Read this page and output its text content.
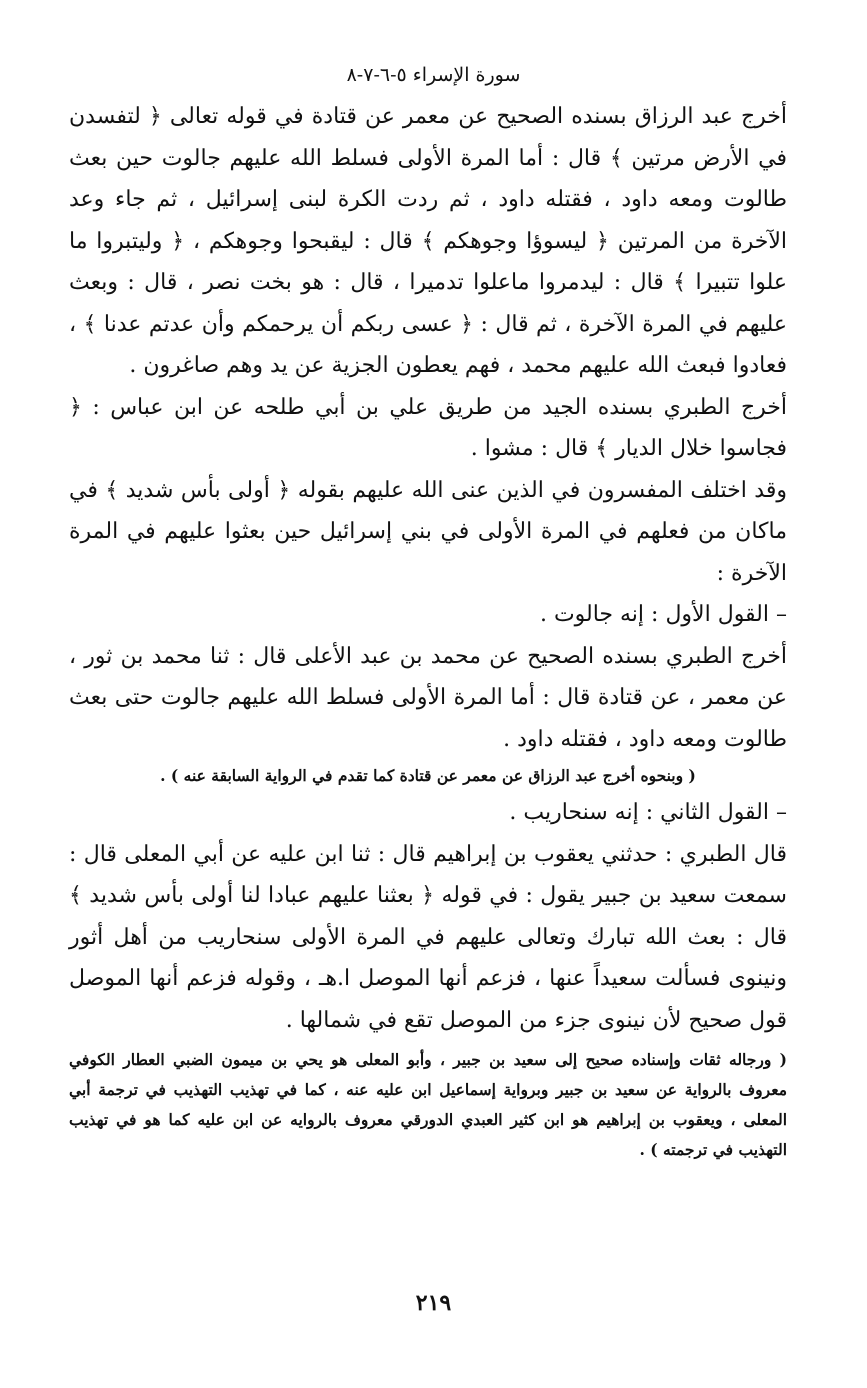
سورة الإسراء ٥-٦-٧-٨

أخرج عبد الرزاق بسنده الصحيح عن معمر عن قتادة في قوله تعالى ﴿ لتفسدن في الأرض مرتين ﴾ قال : أما المرة الأولى فسلط الله عليهم جالوت حين بعث طالوت ومعه داود ، فقتله داود ، ثم ردت الكرة لبنى إسرائيل ، ثم جاء وعد الآخرة من المرتين ﴿ ليسوؤا وجوهكم ﴾ قال : ليقبحوا وجوهكم ، ﴿ وليتبروا ما علوا تتبيرا ﴾ قال : ليدمروا ماعلوا تدميرا ، قال : هو بخت نصر ، قال : وبعث عليهم في المرة الآخرة ، ثم قال : ﴿ عسى ربكم أن يرحمكم وأن عدتم عدنا ﴾ ، فعادوا فبعث الله عليهم محمد ، فهم يعطون الجزية عن يد وهم صاغرون .

أخرج الطبري بسنده الجيد من طريق علي بن أبي طلحه عن ابن عباس : ﴿ فجاسوا خلال الديار ﴾ قال : مشوا .

وقد اختلف المفسرون في الذين عنى الله عليهم بقوله ﴿ أولى بأس شديد ﴾ في ماكان من فعلهم في المرة الأولى في بني إسرائيل حين بعثوا عليهم في المرة الآخرة :

– القول الأول : إنه جالوت .

أخرج الطبري بسنده الصحيح عن محمد بن عبد الأعلى قال : ثنا محمد بن ثور ، عن معمر ، عن قتادة قال : أما المرة الأولى فسلط الله عليهم جالوت حتى بعث طالوت ومعه داود ، فقتله داود .

( وبنحوه أخرج عبد الرزاق عن معمر عن قتادة كما تقدم في الرواية السابقة عنه ) .

– القول الثاني : إنه سنحاريب .

قال الطبري : حدثني يعقوب بن إبراهيم قال : ثنا ابن عليه عن أبي المعلى قال : سمعت سعيد بن جبير يقول : في قوله ﴿ بعثنا عليهم عبادا لنا أولى بأس شديد ﴾ قال : بعث الله تبارك وتعالى عليهم في المرة الأولى سنحاريب من أهل أثور ونينوى فسألت سعيداً عنها ، فزعم أنها الموصل ا.هـ ، وقوله فزعم أنها الموصل قول صحيح لأن نينوى جزء من الموصل تقع في شمالها .

( ورجاله ثقات وإسناده صحيح إلى سعيد بن جبير ، وأبو المعلى هو يحي بن ميمون الضبي العطار الكوفي معروف بالرواية عن سعيد بن جبير وبرواية إسماعيل ابن عليه عنه ، كما في تهذيب التهذيب في ترجمة أبي المعلى ، ويعقوب بن إبراهيم هو ابن كثير العبدي الدورقي معروف بالروايه عن ابن عليه كما هو في تهذيب التهذيب في ترجمته ) .

٢١٩
